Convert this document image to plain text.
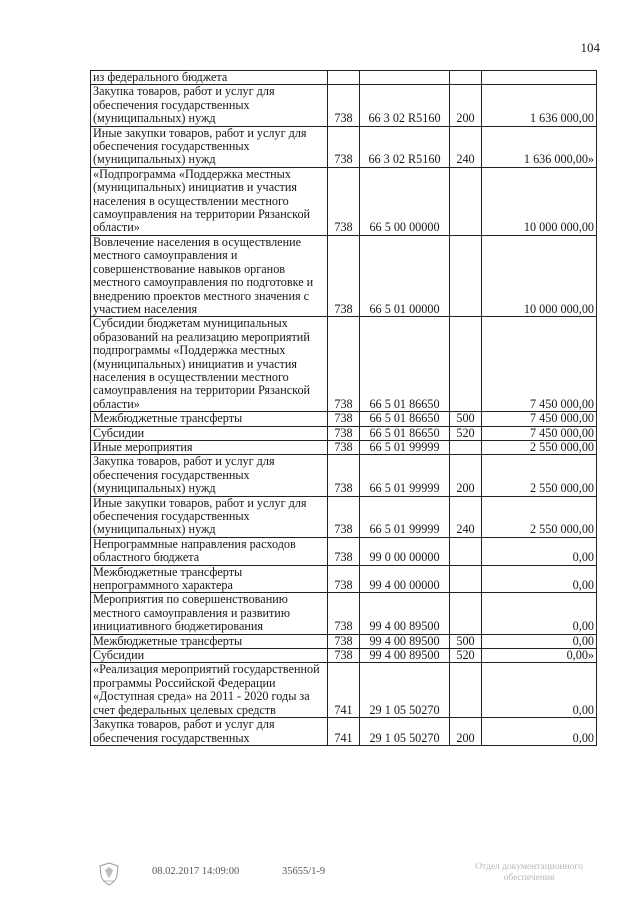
104
из федерального бюджета				
Закупка товаров, работ и услуг для обеспечения государственных (муниципальных) нужд	738	66 3 02 R5160	200	1 636 000,00
Иные закупки товаров, работ и услуг для обеспечения государственных (муниципальных) нужд	738	66 3 02 R5160	240	1 636 000,00»
«Подпрограмма «Поддержка местных (муниципальных) инициатив и участия населения в осуществлении местного самоуправления на территории Рязанской области»	738	66 5 00 00000		10 000 000,00
Вовлечение населения в осуществление местного самоуправления и совершенствование навыков органов местного самоуправления по подготовке и внедрению проектов местного значения с участием населения	738	66 5 01 00000		10 000 000,00
Субсидии бюджетам муниципальных образований на реализацию мероприятий подпрограммы «Поддержка местных (муниципальных) инициатив и участия населения в осуществлении местного самоуправления на территории Рязанской области»	738	66 5 01 86650		7 450 000,00
Межбюджетные трансферты	738	66 5 01 86650	500	7 450 000,00
Субсидии	738	66 5 01 86650	520	7 450 000,00
Иные мероприятия	738	66 5 01 99999		2 550 000,00
Закупка товаров, работ и услуг для обеспечения государственных (муниципальных) нужд	738	66 5 01 99999	200	2 550 000,00
Иные закупки товаров, работ и услуг для обеспечения государственных (муниципальных) нужд	738	66 5 01 99999	240	2 550 000,00
Непрограммные направления расходов областного бюджета	738	99 0 00 00000		0,00
Межбюджетные трансферты непрограммного характера	738	99 4 00 00000		0,00
Мероприятия по совершенствованию местного самоуправления и развитию инициативного бюджетирования	738	99 4 00 89500		0,00
Межбюджетные трансферты	738	99 4 00 89500	500	0,00
Субсидии	738	99 4 00 89500	520	0,00»
«Реализация мероприятий государственной программы Российской Федерации «Доступная среда» на 2011 - 2020 годы за счет федеральных целевых средств	741	29 1 05 50270		0,00
Закупка товаров, работ и услуг для обеспечения государственных	741	29 1 05 50270	200	0,00
08.02.2017 14:09:00	35655/1-9	Отдел документационного
обеспечения
